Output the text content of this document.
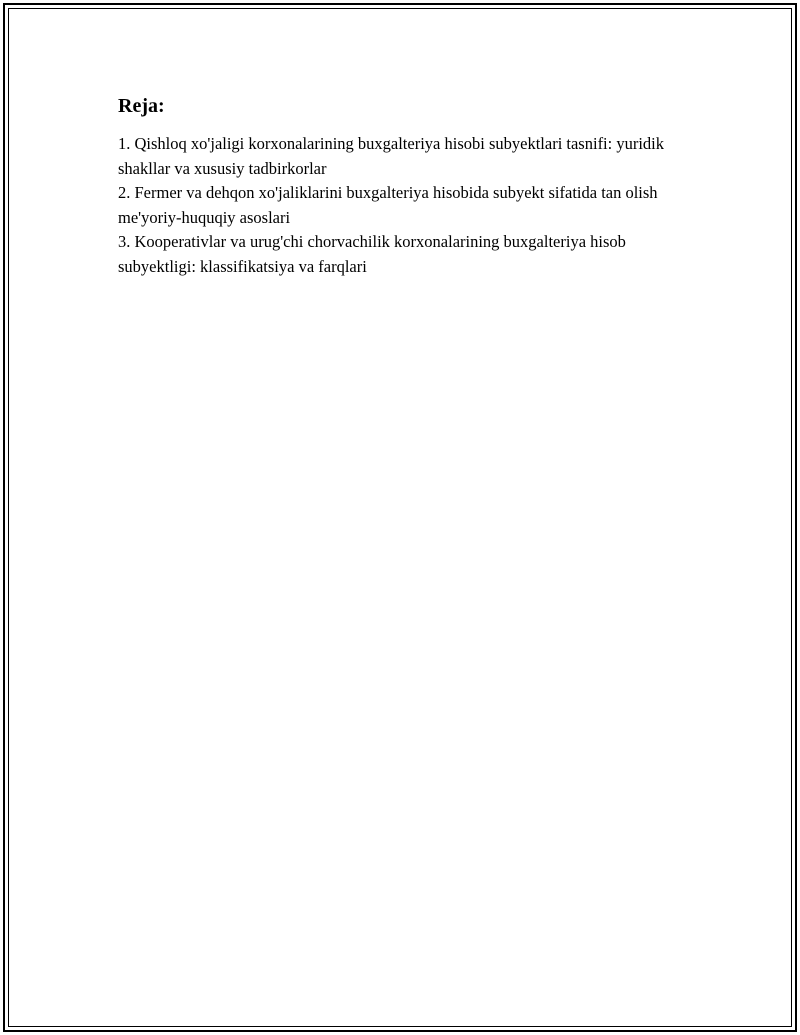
Reja:
1. Qishloq xo'jaligi korxonalarining buxgalteriya hisobi subyektlari tasnifi: yuridik shakllar va xususiy tadbirkorlar
2. Fermer va dehqon xo'jaliklarini buxgalteriya hisobida subyekt sifatida tan olish me'yoriy-huquqiy asoslari
3. Kooperativlar va urug'chi chorvachilik korxonalarining buxgalteriya hisob subyektligi: klassifikatsiya va farqlari
